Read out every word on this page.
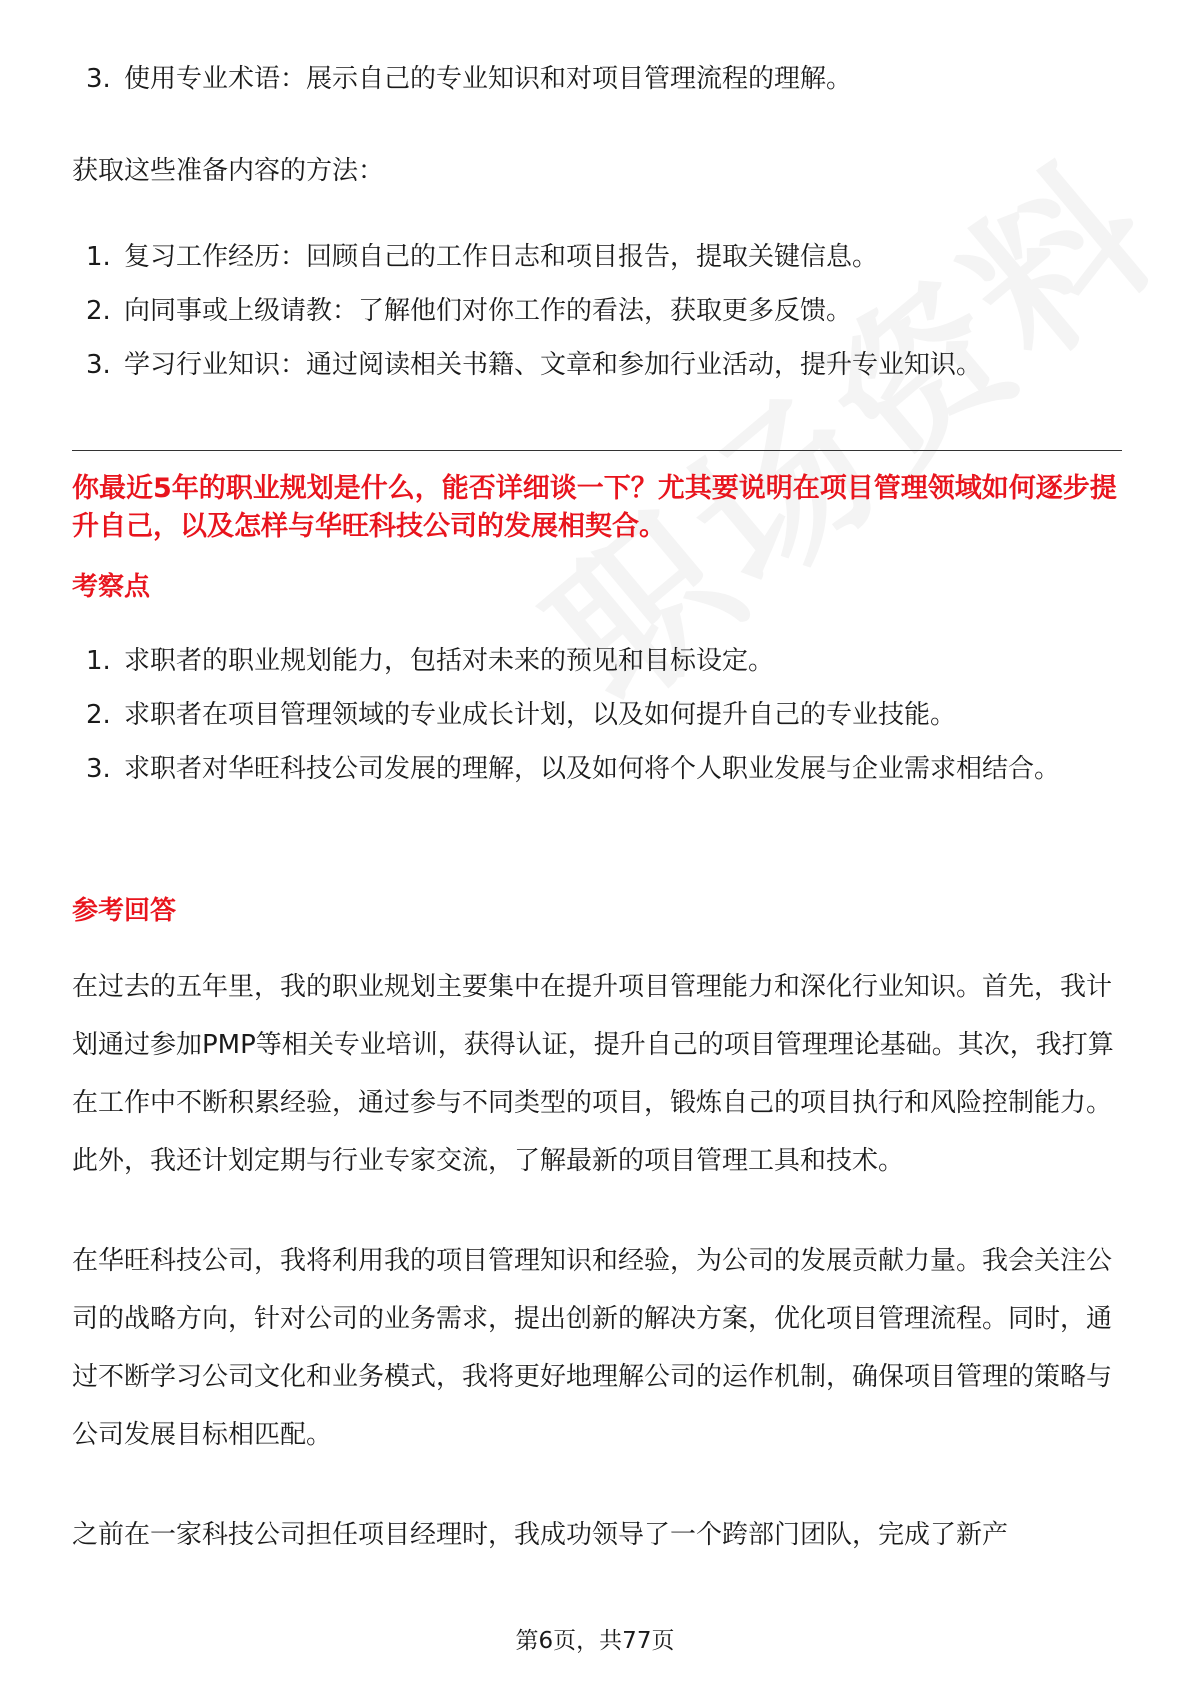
3. 使用专业术语：展示自己的专业知识和对项目管理流程的理解。

获取这些准备内容的方法：

1. 复习工作经历：回顾自己的工作日志和项目报告，提取关键信息。
2. 向同事或上级请教：了解他们对你工作的看法，获取更多反馈。
3. 学习行业知识：通过阅读相关书籍、文章和参加行业活动，提升专业知识。
你最近5年的职业规划是什么，能否详细谈一下？尤其要说明在项目管理领域如何逐步提升自己，以及怎样与华旺科技公司的发展相契合。
考察点
1. 求职者的职业规划能力，包括对未来的预见和目标设定。
2. 求职者在项目管理领域的专业成长计划，以及如何提升自己的专业技能。
3. 求职者对华旺科技公司发展的理解，以及如何将个人职业发展与企业需求相结合。
参考回答

在过去的五年里，我的职业规划主要集中在提升项目管理能力和深化行业知识。首先，我计划通过参加PMP等相关专业培训，获得认证，提升自己的项目管理理论基础。其次，我打算在工作中不断积累经验，通过参与不同类型的项目，锻炼自己的项目执行和风险控制能力。此外，我还计划定期与行业专家交流，了解最新的项目管理工具和技术。

在华旺科技公司，我将利用我的项目管理知识和经验，为公司的发展贡献力量。我会关注公司的战略方向，针对公司的业务需求，提出创新的解决方案，优化项目管理流程。同时，通过不断学习公司文化和业务模式，我将更好地理解公司的运作机制，确保项目管理的策略与公司发展目标相匹配。

之前在一家科技公司担任项目经理时，我成功领导了一个跨部门团队，完成了新产

第6页，共77页
